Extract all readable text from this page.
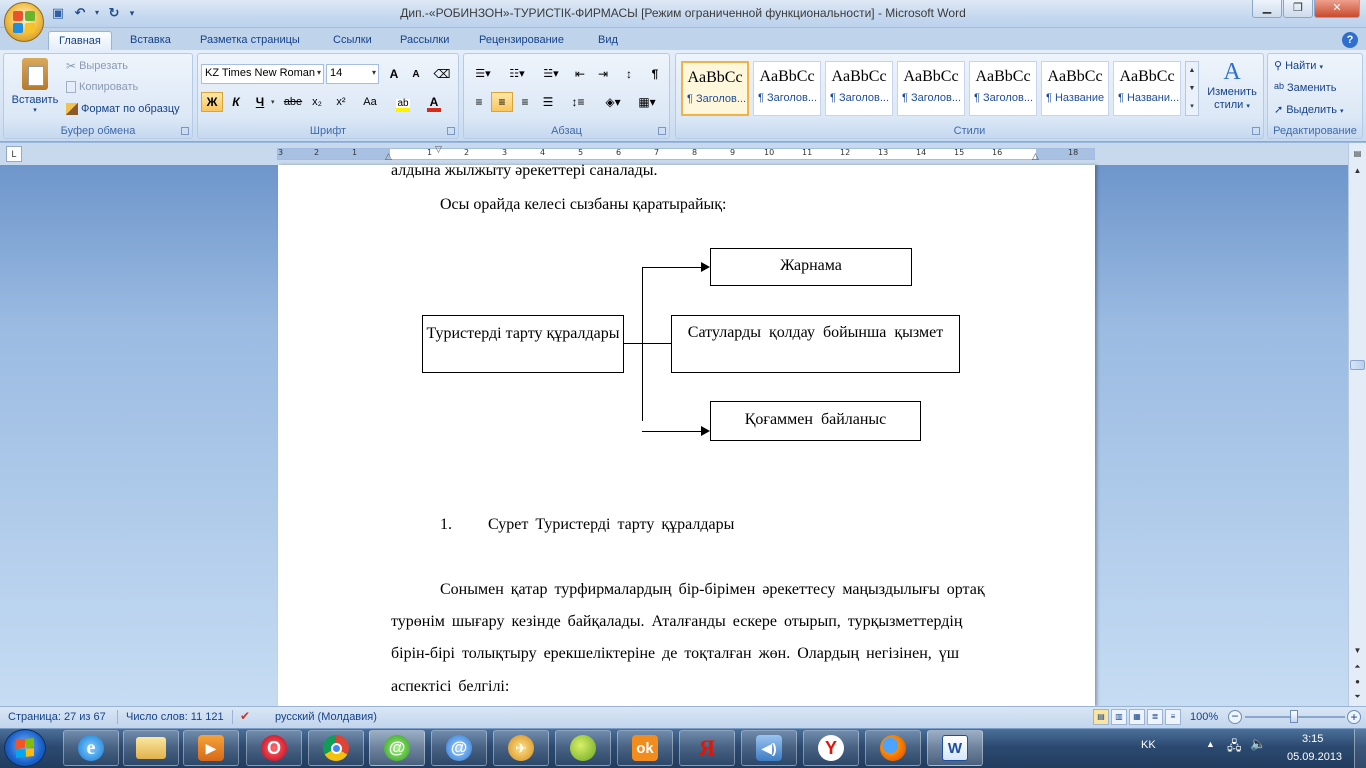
▣ ↶	▾ ↻	▾	Дип.-«РОБИНЗОН»-ТУРИСТІК-ФИРМАСЫ [Режим ограниченной функциональности] - Microsoft Word	▁	❐	✕
Главная	Вставка	Разметка страницы	Ссылки	Рассылки	Рецензирование	Вид	?
Вставить
▾
✂ Вырезать
Копировать
Формат по образцу
Буфер обмена
KZ Times New Roman ▾ 14	▾	A	A	⌫
Ж	К	Ч ▾ abe x₂	x²	Aa	ab	A
Шрифт
☰▾	☷▾	☱▾	⇤	⇥	↕	¶
≡	≡	≡	☰	↕≡	◈▾	▦▾
Абзац	Стили
AaBbCc
¶ Заголов...
AaBbCc
¶ Заголов...
AaBbCc
¶ Заголов...
AaBbCc
¶ Заголов...
AaBbCc
¶ Заголов...
AaBbCc
¶ Название
AaBbCc
¶ Названи...
▲
▼
▾
A
Изменить стили ▾
⚲ Найти ▾
ab Заменить
➚ Выделить ▾
Редактирование
L	3	2	1	1	2	3	4	5	6	7	8	9	10	11	12	13	14	15	16	18
▽
△	△
алдына жылжыту әрекеттері саналады.
Осы орайда келесі сызбаны қаратырайық:
Туристерді тарту құралдары
Жарнама
Сатуларды қолдау бойынша қызмет
Қоғаммен байланыс
1. Сурет Туристерді тарту құралдары
Сонымен қатар турфирмалардың бір-бірімен әрекеттесу маңыздылығы ортақ
турөнім шығару кезінде байқалады. Аталғанды ескере отырып, турқызметтердің
бірін-бірі толықтыру ерекшеліктеріне де тоқталған жөн. Олардың негізінен, үш
аспектісі белгілі:
▤
▲
▼
⏶
●
⏷
Страница: 27 из 67 Число слов: 11 121 ✔ русский (Молдавия)	▤	▥	▦	≣	≡	100% −	+
e	▶	O	@	@	✈	ok Я	◀)	Y	W	KK	▲ 🖧 🔈	3:15
05.09.2013
